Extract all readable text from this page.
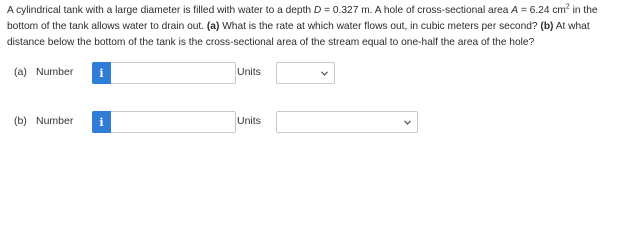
A cylindrical tank with a large diameter is filled with water to a depth D = 0.327 m. A hole of cross-sectional area A = 6.24 $cm^2$ in the bottom of the tank allows water to drain out. (a) What is the rate at which water flows out, in cubic meters per second? (b) At what distance below the bottom of the tank is the cross-sectional area of the stream equal to one-half the area of the hole?

(a) Number i	Units
(b) Number i	Units
